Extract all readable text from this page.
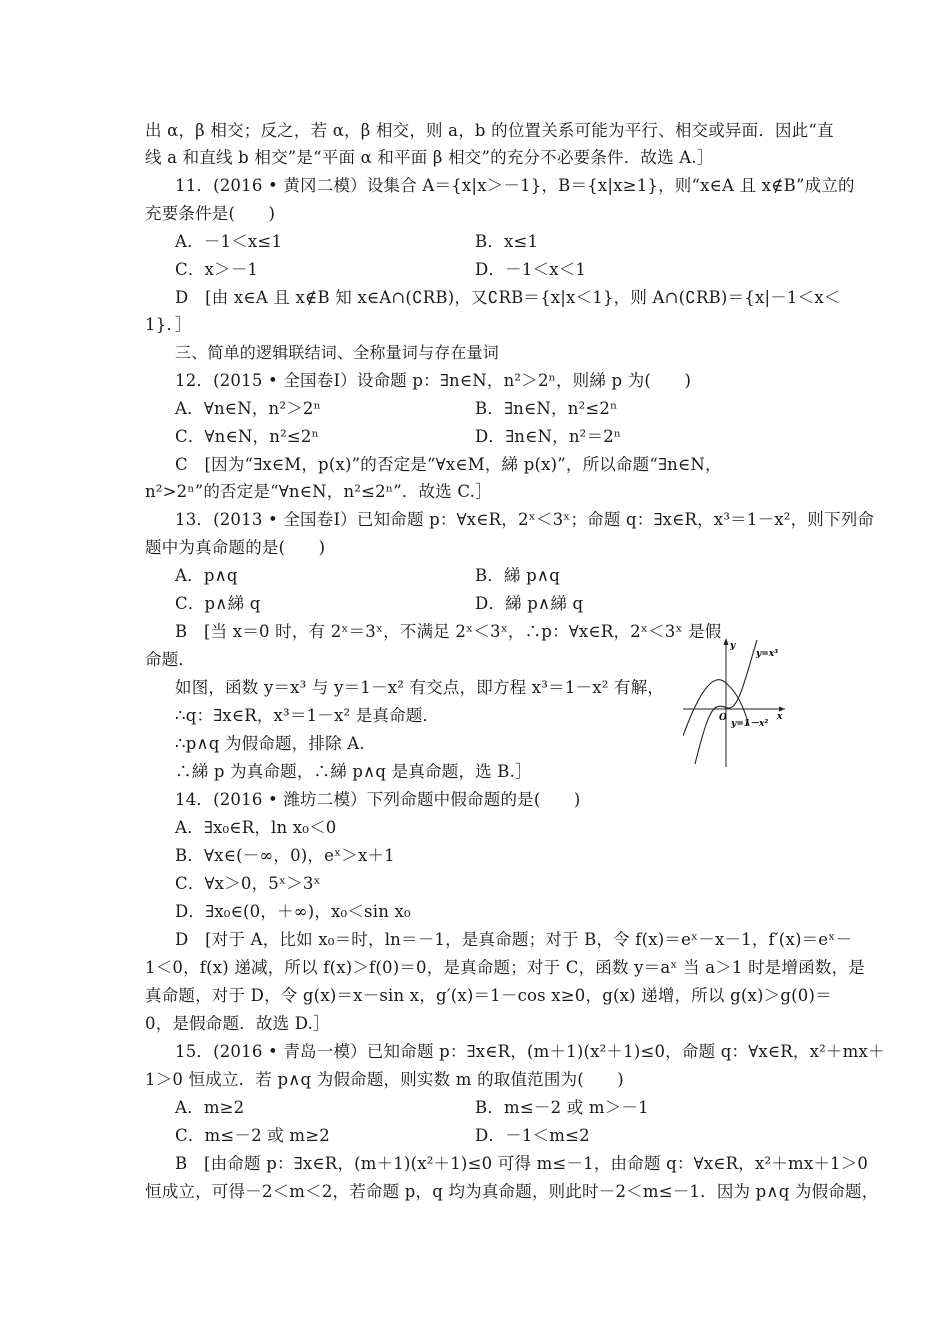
出 α，β 相交；反之，若 α，β 相交，则 a，b 的位置关系可能为平行、相交或异面．因此“直
线 a 和直线 b 相交”是“平面 α 和平面 β 相交”的充分不必要条件．故选 A.］
11．(2016 • 黄冈二模）设集合 A＝{x|x＞－1}，B＝{x|x≥1}，则“x∈A 且 x∉B”成立的
充要条件是(　　)
A．－1＜x≤1	B．x≤1
C．x＞－1	D．－1＜x＜1
D　[由 x∈A 且 x∉B 知 x∈A∩(∁RB)，又∁RB＝{x|x＜1}，则 A∩(∁RB)＝{x|－1＜x＜
1}．］
三、简单的逻辑联结词、全称量词与存在量词
12．(2015 • 全国卷Ⅰ）设命题 p：∃n∈N，n²＞2ⁿ，则綈 p 为(　　)
A．∀n∈N，n²＞2ⁿ	B．∃n∈N，n²≤2ⁿ
C．∀n∈N，n²≤2ⁿ	D．∃n∈N，n²＝2ⁿ
C　[因为“∃x∈M，p(x)”的否定是“∀x∈M，綈 p(x)”，所以命题“∃n∈N，
n²>2ⁿ”的否定是“∀n∈N，n²≤2ⁿ”．故选 C.］
13．(2013 • 全国卷Ⅰ）已知命题 p：∀x∈R，2ˣ＜3ˣ；命题 q：∃x∈R，x³＝1－x²，则下列命
题中为真命题的是(　　)
A．p∧q	B．綈 p∧q
C．p∧綈 q	D．綈 p∧綈 q
B　[当 x＝0 时，有 2ˣ＝3ˣ，不满足 2ˣ＜3ˣ，∴p：∀x∈R，2ˣ＜3ˣ 是假
命题．
如图，函数 y＝x³ 与 y＝1－x² 有交点，即方程 x³＝1－x² 有解，
∴q：∃x∈R，x³＝1－x² 是真命题．
∴p∧q 为假命题，排除 A.
∴綈 p 为真命题，∴綈 p∧q 是真命题，选 B.］
14．(2016 • 潍坊二模）下列命题中假命题的是(　　)
A．∃x₀∈R，ln x₀＜0
B．∀x∈(－∞，0)，eˣ＞x＋1
C．∀x＞0，5ˣ＞3ˣ
D．∃x₀∈(0，＋∞)，x₀＜sin x₀
D　[对于 A，比如 x₀＝时，ln＝－1，是真命题；对于 B，令 f(x)＝eˣ－x－1，f′(x)＝eˣ－
1＜0，f(x) 递减，所以 f(x)＞f(0)＝0，是真命题；对于 C，函数 y＝aˣ 当 a＞1 时是增函数，是
真命题，对于 D，令 g(x)＝x－sin x，g′(x)＝1－cos x≥0，g(x) 递增，所以 g(x)＞g(0)＝
0，是假命题．故选 D.］
15．(2016 • 青岛一模）已知命题 p：∃x∈R，(m＋1)(x²＋1)≤0，命题 q：∀x∈R，x²＋mx＋
1＞0 恒成立．若 p∧q 为假命题，则实数 m 的取值范围为(　　)
A．m≥2	B．m≤－2 或 m＞－1
C．m≤－2 或 m≥2	D．－1＜m≤2
B　[由命题 p：∃x∈R，(m＋1)(x²＋1)≤0 可得 m≤－1，由命题 q：∀x∈R，x²＋mx＋1＞0
恒成立，可得－2＜m＜2，若命题 p，q 均为真命题，则此时－2＜m≤－1．因为 p∧q 为假命题，
y
x
O
y=x³
y=1－x²
